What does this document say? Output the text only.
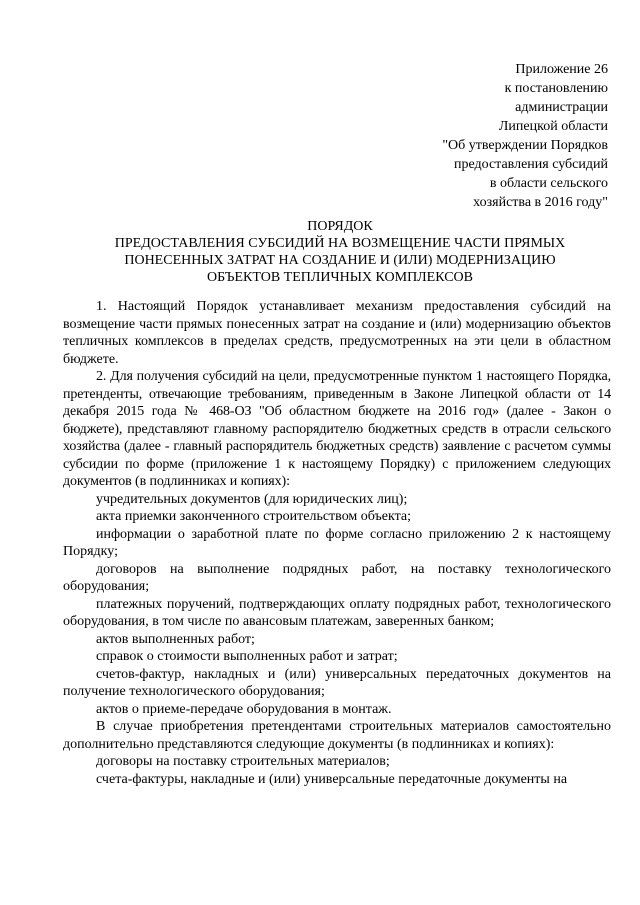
Приложение 26
к постановлению
администрации
Липецкой области
"Об утверждении Порядков
предоставления субсидий
в области сельского
хозяйства в 2016 году"
ПОРЯДОК
ПРЕДОСТАВЛЕНИЯ СУБСИДИЙ НА ВОЗМЕЩЕНИЕ ЧАСТИ ПРЯМЫХ
ПОНЕСЕННЫХ ЗАТРАТ НА СОЗДАНИЕ И (ИЛИ) МОДЕРНИЗАЦИЮ
ОБЪЕКТОВ ТЕПЛИЧНЫХ КОМПЛЕКСОВ

1. Настоящий Порядок устанавливает механизм предоставления субсидий на возмещение части прямых понесенных затрат на создание и (или) модернизацию объектов тепличных комплексов в пределах средств, предусмотренных на эти цели в областном бюджете.

2. Для получения субсидий на цели, предусмотренные пунктом 1 настоящего Порядка, претенденты, отвечающие требованиям, приведенным в Законе Липецкой области от 14 декабря 2015 года № 468-ОЗ "Об областном бюджете на 2016 год» (далее - Закон о бюджете), представляют главному распорядителю бюджетных средств в отрасли сельского хозяйства (далее - главный распорядитель бюджетных средств) заявление с расчетом суммы субсидии по форме (приложение 1 к настоящему Порядку) с приложением следующих документов (в подлинниках и копиях):

учредительных документов (для юридических лиц);

акта приемки законченного строительством объекта;

информации о заработной плате по форме согласно приложению 2 к настоящему Порядку;

договоров на выполнение подрядных работ, на поставку технологического оборудования;

платежных поручений, подтверждающих оплату подрядных работ, технологического оборудования, в том числе по авансовым платежам, заверенных банком;

актов выполненных работ;

справок о стоимости выполненных работ и затрат;

счетов-фактур, накладных и (или) универсальных передаточных документов на получение технологического оборудования;

актов о приеме-передаче оборудования в монтаж.

В случае приобретения претендентами строительных материалов самостоятельно дополнительно представляются следующие документы (в подлинниках и копиях):

договоры на поставку строительных материалов;

счета-фактуры, накладные и (или) универсальные передаточные документы на
